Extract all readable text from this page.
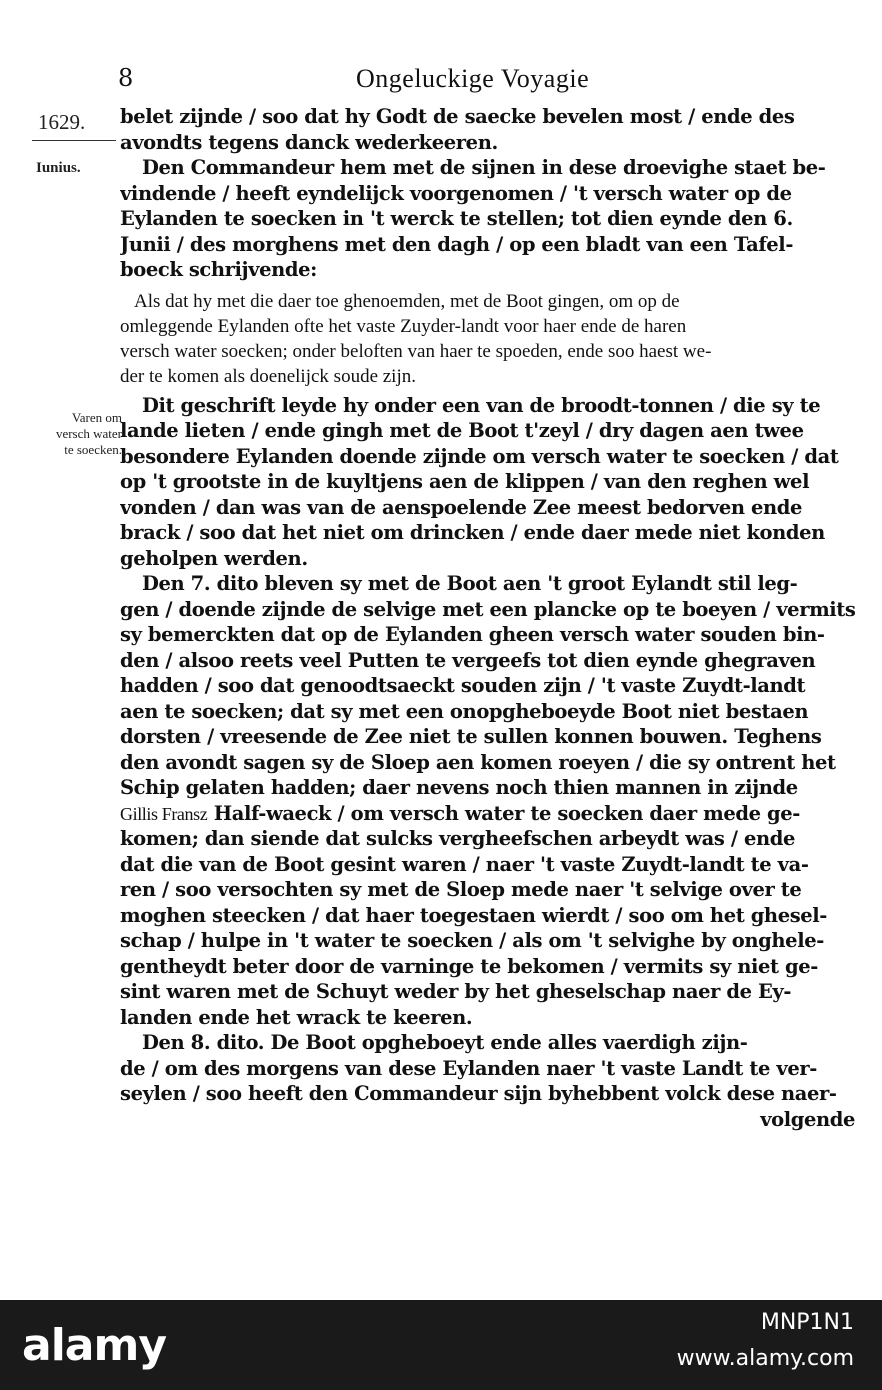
8	Ongeluckige Voyagie
1629.
Iunius.
Varen om
versch water
te soecken.
belet zijnde / soo dat hy Godt de saecke bevelen most / ende des
avondts tegens danck wederkeeren.
Den Commandeur hem met de sijnen in dese droevighe staet be-
vindende / heeft eyndelijck voorgenomen / 't versch water op de
Eylanden te soecken in 't werck te stellen; tot dien eynde den 6.
Junii / des morghens met den dagh / op een bladt van een Tafel-
boeck schrijvende:
Als dat hy met die daer toe ghenoemden, met de Boot gingen, om op de
omleggende Eylanden ofte het vaste Zuyder-landt voor haer ende de haren
versch water soecken; onder beloften van haer te spoeden, ende soo haest we-
der te komen als doenelijck soude zijn.
Dit geschrift leyde hy onder een van de broodt-tonnen / die sy te
lande lieten / ende gingh met de Boot t'zeyl / dry dagen aen twee
besondere Eylanden doende zijnde om versch water te soecken / dat
op 't grootste in de kuyltjens aen de klippen / van den reghen wel
vonden / dan was van de aenspoelende Zee meest bedorven ende
brack / soo dat het niet om drincken / ende daer mede niet konden
geholpen werden.
Den 7. dito bleven sy met de Boot aen 't groot Eylandt stil leg-
gen / doende zijnde de selvige met een plancke op te boeyen / vermits
sy bemerckten dat op de Eylanden gheen versch water souden bin-
den / alsoo reets veel Putten te vergeefs tot dien eynde ghegraven
hadden / soo dat genoodtsaeckt souden zijn / 't vaste Zuydt-landt
aen te soecken; dat sy met een onopgheboeyde Boot niet bestaen
dorsten / vreesende de Zee niet te sullen konnen bouwen. Teghens
den avondt sagen sy de Sloep aen komen roeyen / die sy ontrent het
Schip gelaten hadden; daer nevens noch thien mannen in zijnde
Gillis Fransz Half-waeck / om versch water te soecken daer mede ge-
komen; dan siende dat sulcks vergheefschen arbeydt was / ende
dat die van de Boot gesint waren / naer 't vaste Zuydt-landt te va-
ren / soo versochten sy met de Sloep mede naer 't selvige over te
moghen steecken / dat haer toegestaen wierdt / soo om het ghesel-
schap / hulpe in 't water te soecken / als om 't selvighe by onghele-
gentheydt beter door de varninge te bekomen / vermits sy niet ge-
sint waren met de Schuyt weder by het gheselschap naer de Ey-
landen ende het wrack te keeren.
Den 8. dito. De Boot opgheboeyt ende alles vaerdigh zijn-
de / om des morgens van dese Eylanden naer 't vaste Landt te ver-
seylen / soo heeft den Commandeur sijn byhebbent volck dese naer-
volgende
alamy	MNP1N1
www.alamy.com
